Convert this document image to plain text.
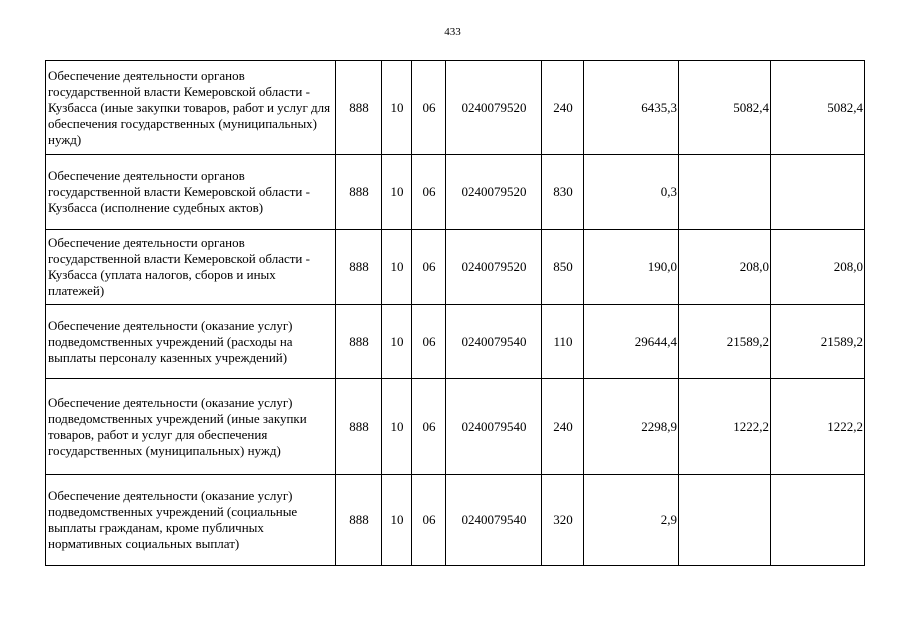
433
Обеспечение деятельности органов государственной власти Кемеровской области - Кузбасса (иные закупки товаров, работ и услуг для обеспечения государственных (муниципальных) нужд)	888	10	06	0240079520	240	6435,3	5082,4	5082,4
Обеспечение деятельности органов государственной власти Кемеровской области - Кузбасса (исполнение судебных актов)	888	10	06	0240079520	830	0,3		
Обеспечение деятельности органов государственной власти Кемеровской области - Кузбасса (уплата налогов, сборов и иных платежей)	888	10	06	0240079520	850	190,0	208,0	208,0
Обеспечение деятельности (оказание услуг) подведомственных учреждений (расходы на выплаты персоналу казенных учреждений)	888	10	06	0240079540	110	29644,4	21589,2	21589,2
Обеспечение деятельности (оказание услуг) подведомственных учреждений (иные закупки товаров, работ и услуг для обеспечения государственных (муниципальных) нужд)	888	10	06	0240079540	240	2298,9	1222,2	1222,2
Обеспечение деятельности (оказание услуг) подведомственных учреждений (социальные выплаты гражданам, кроме публичных нормативных социальных выплат)	888	10	06	0240079540	320	2,9		
